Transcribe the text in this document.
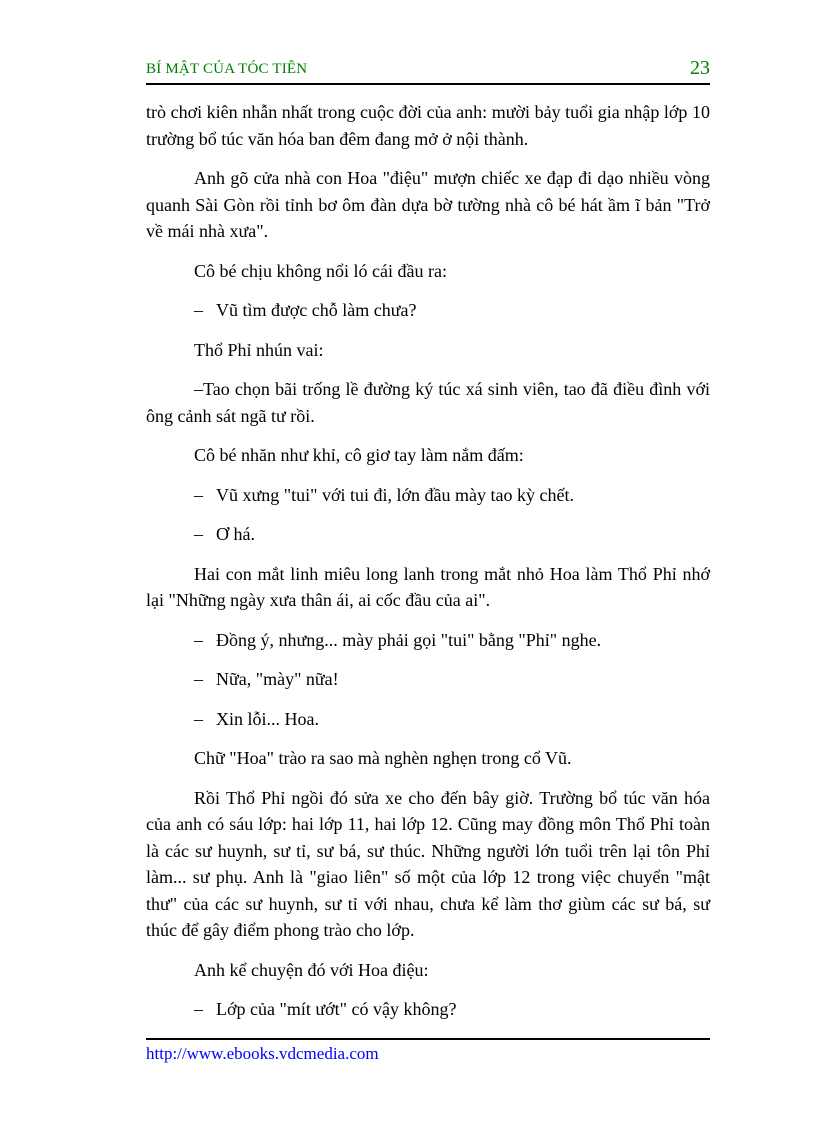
BÍ MẬT CỦA TÓC TIÊN	23

trò chơi kiên nhẫn nhất trong cuộc đời của anh: mười bảy tuổi gia nhập lớp 10 trường bổ túc văn hóa ban đêm đang mở ở nội thành.

Anh gõ cửa nhà con Hoa "điệu" mượn chiếc xe đạp đi dạo nhiều vòng quanh Sài Gòn rồi tỉnh bơ ôm đàn dựa bờ tường nhà cô bé hát ầm ĩ bản "Trở về mái nhà xưa".

Cô bé chịu không nổi ló cái đầu ra:

– Vũ tìm được chỗ làm chưa?

Thổ Phỉ nhún vai:

–Tao chọn bãi trống lề đường ký túc xá sinh viên, tao đã điều đình với ông cảnh sát ngã tư rồi.

Cô bé nhăn như khỉ, cô giơ tay làm nắm đấm:

– Vũ xưng "tui" với tui đi, lớn đầu mày tao kỳ chết.

– Ơ há.

Hai con mắt linh miêu long lanh trong mắt nhỏ Hoa làm Thổ Phỉ nhớ lại "Những ngày xưa thân ái, ai cốc đầu của ai".

– Đồng ý, nhưng... mày phải gọi "tui" bằng "Phỉ" nghe.

– Nữa, "mày" nữa!

– Xin lỗi... Hoa.

Chữ "Hoa" trào ra sao mà nghèn nghẹn trong cổ Vũ.

Rồi Thổ Phỉ ngồi đó sửa xe cho đến bây giờ. Trường bổ túc văn hóa của anh có sáu lớp: hai lớp 11, hai lớp 12. Cũng may đồng môn Thổ Phỉ toàn là các sư huynh, sư tỉ, sư bá, sư thúc. Những người lớn tuổi trên lại tôn Phỉ làm... sư phụ. Anh là "giao liên" số một của lớp 12 trong việc chuyển "mật thư" của các sư huynh, sư tỉ với nhau, chưa kể làm thơ giùm các sư bá, sư thúc để gây điểm phong trào cho lớp.

Anh kể chuyện đó với Hoa điệu:

– Lớp của "mít ướt" có vậy không?

http://www.ebooks.vdcmedia.com
